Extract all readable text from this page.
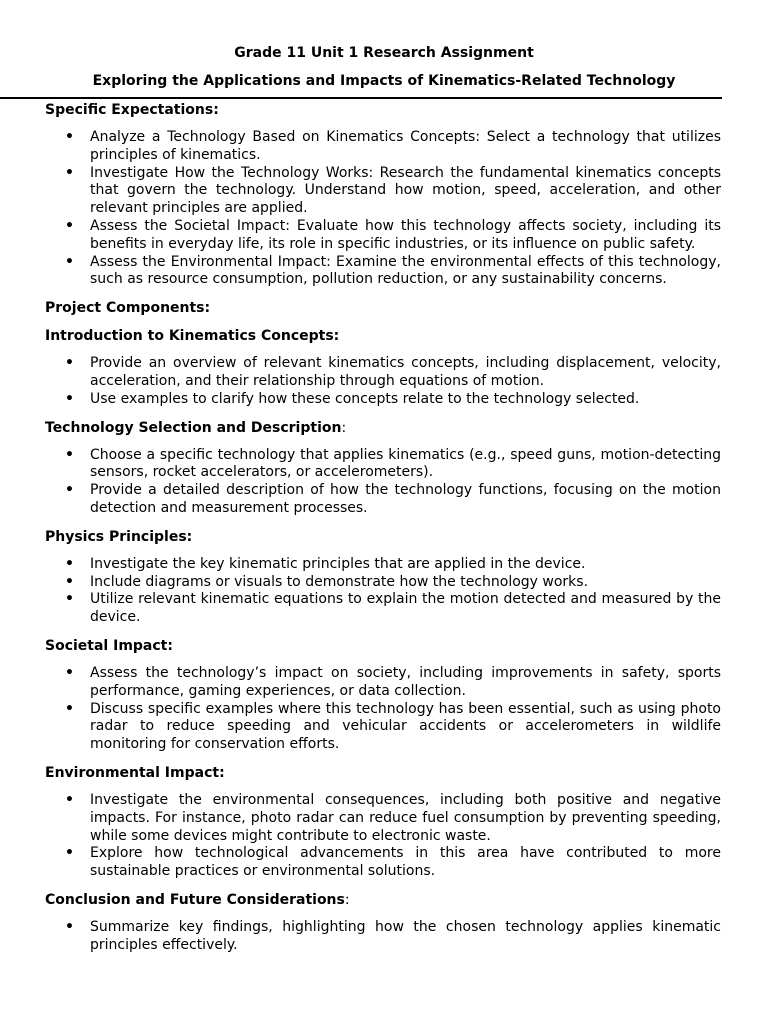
Grade 11 Unit 1 Research Assignment
Exploring the Applications and Impacts of Kinematics-Related Technology
Specific Expectations:
• Analyze a Technology Based on Kinematics Concepts: Select a technology that utilizes principles of kinematics.
• Investigate How the Technology Works: Research the fundamental kinematics concepts that govern the technology. Understand how motion, speed, acceleration, and other relevant principles are applied.
• Assess the Societal Impact: Evaluate how this technology affects society, including its benefits in everyday life, its role in specific industries, or its influence on public safety.
• Assess the Environmental Impact: Examine the environmental effects of this technology, such as resource consumption, pollution reduction, or any sustainability concerns.
Project Components:
Introduction to Kinematics Concepts:
• Provide an overview of relevant kinematics concepts, including displacement, velocity, acceleration, and their relationship through equations of motion.
• Use examples to clarify how these concepts relate to the technology selected.
Technology Selection and Description:
• Choose a specific technology that applies kinematics (e.g., speed guns, motion-detecting sensors, rocket accelerators, or accelerometers).
• Provide a detailed description of how the technology functions, focusing on the motion detection and measurement processes.
Physics Principles:
• Investigate the key kinematic principles that are applied in the device.
• Include diagrams or visuals to demonstrate how the technology works.
• Utilize relevant kinematic equations to explain the motion detected and measured by the device.
Societal Impact:
• Assess the technology’s impact on society, including improvements in safety, sports performance, gaming experiences, or data collection.
• Discuss specific examples where this technology has been essential, such as using photo radar to reduce speeding and vehicular accidents or accelerometers in wildlife monitoring for conservation efforts.
Environmental Impact:
• Investigate the environmental consequences, including both positive and negative impacts. For instance, photo radar can reduce fuel consumption by preventing speeding, while some devices might contribute to electronic waste.
• Explore how technological advancements in this area have contributed to more sustainable practices or environmental solutions.
Conclusion and Future Considerations:
• Summarize key findings, highlighting how the chosen technology applies kinematic principles effectively.
